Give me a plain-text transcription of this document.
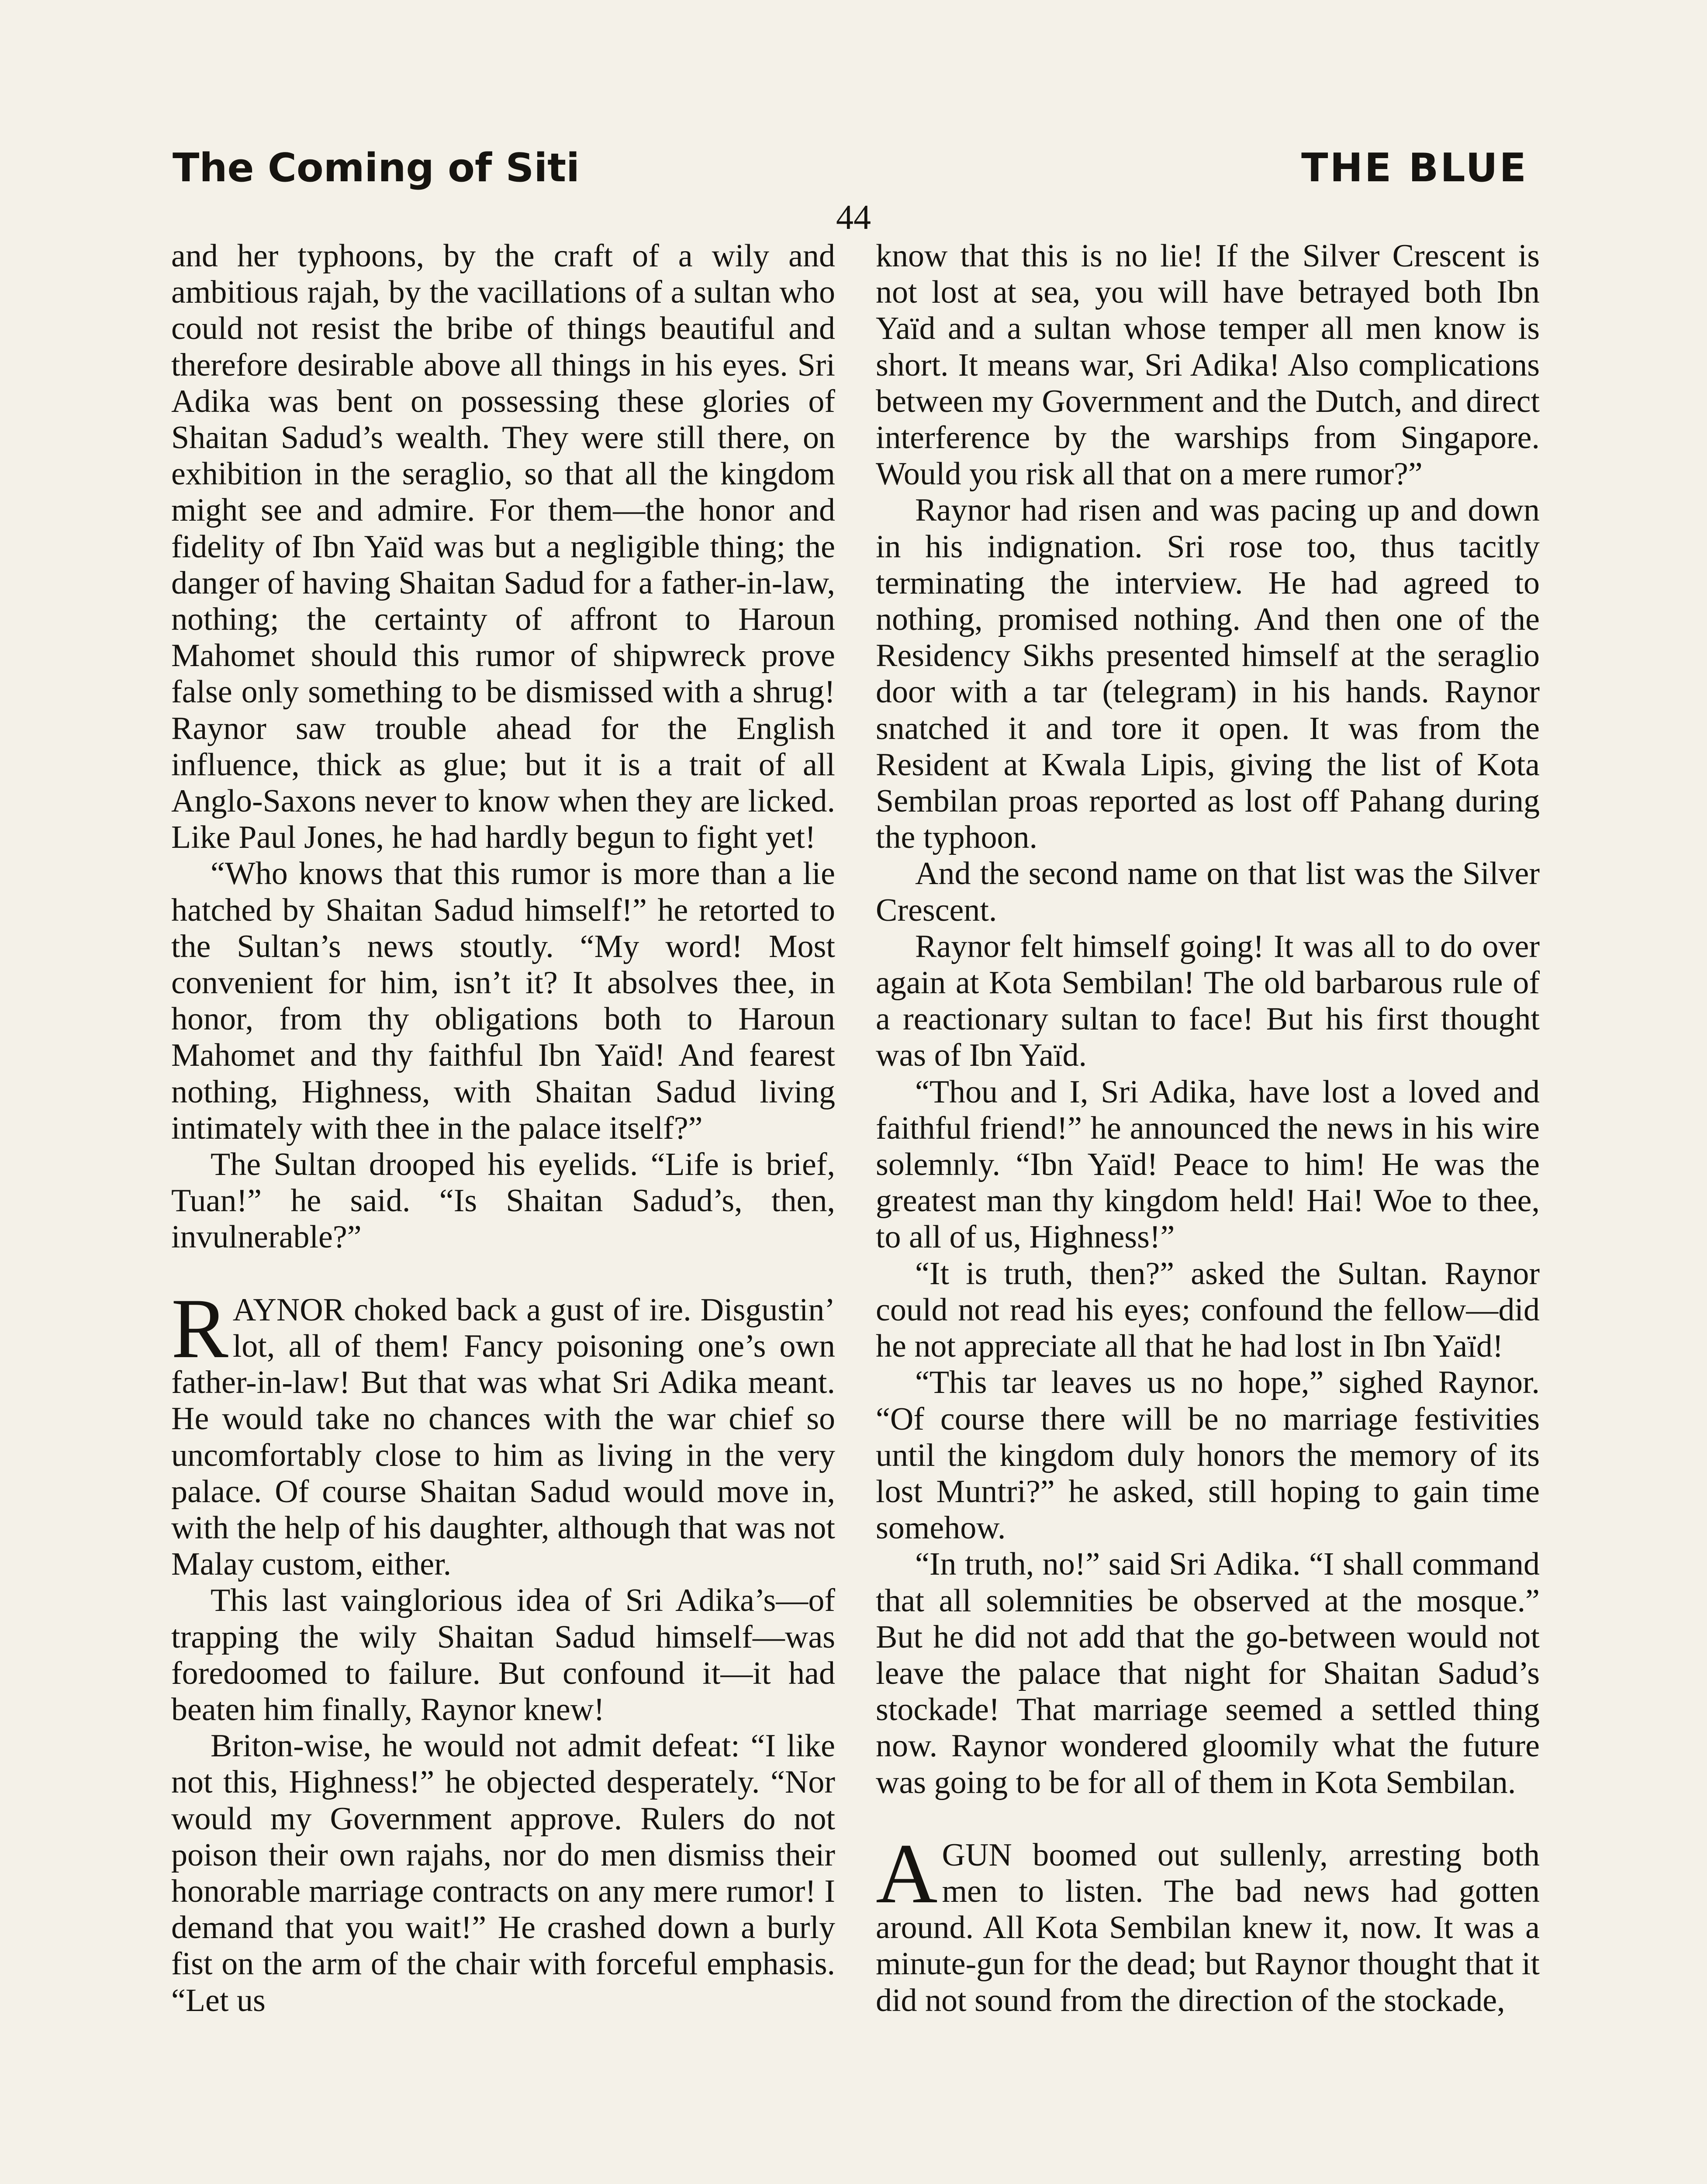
The Coming of Siti	THE BLUE
44

and her typhoons, by the craft of a wily and ambitious rajah, by the vacillations of a sultan who could not resist the bribe of things beautiful and therefore desirable above all things in his eyes. Sri Adika was bent on possessing these glories of Shaitan Sadud’s wealth. They were still there, on exhibition in the seraglio, so that all the kingdom might see and admire. For them—the honor and fidelity of Ibn Yaïd was but a negligible thing; the danger of having Shaitan Sadud for a father-in-law, nothing; the certainty of affront to Haroun Mahomet should this rumor of shipwreck prove false only something to be dismissed with a shrug! Raynor saw trouble ahead for the English influence, thick as glue; but it is a trait of all Anglo-Saxons never to know when they are licked. Like Paul Jones, he had hardly begun to fight yet!

“Who knows that this rumor is more than a lie hatched by Shaitan Sadud himself!” he retorted to the Sultan’s news stoutly. “My word! Most convenient for him, isn’t it? It absolves thee, in honor, from thy obligations both to Haroun Mahomet and thy faithful Ibn Yaïd! And fearest nothing, Highness, with Shaitan Sadud living intimately with thee in the palace itself?”

The Sultan drooped his eyelids. “Life is brief, Tuan!” he said. “Is Shaitan Sadud’s, then, invulnerable?”

RAYNOR choked back a gust of ire. Disgustin’ lot, all of them! Fancy poisoning one’s own father-in-law! But that was what Sri Adika meant. He would take no chances with the war chief so uncomfortably close to him as living in the very palace. Of course Shaitan Sadud would move in, with the help of his daughter, although that was not Malay custom, either.

This last vainglorious idea of Sri Adika’s—of trapping the wily Shaitan Sadud himself—was foredoomed to failure. But confound it—it had beaten him finally, Raynor knew!

Briton-wise, he would not admit defeat: “I like not this, Highness!” he objected desperately. “Nor would my Government approve. Rulers do not poison their own rajahs, nor do men dismiss their honorable marriage contracts on any mere rumor! I demand that you wait!” He crashed down a burly fist on the arm of the chair with forceful emphasis. “Let us

know that this is no lie! If the Silver Crescent is not lost at sea, you will have betrayed both Ibn Yaïd and a sultan whose temper all men know is short. It means war, Sri Adika! Also complications between my Government and the Dutch, and direct interference by the warships from Singapore. Would you risk all that on a mere rumor?”

Raynor had risen and was pacing up and down in his indignation. Sri rose too, thus tacitly terminating the interview. He had agreed to nothing, promised nothing. And then one of the Residency Sikhs presented himself at the seraglio door with a tar (telegram) in his hands. Raynor snatched it and tore it open. It was from the Resident at Kwala Lipis, giving the list of Kota Sembilan proas reported as lost off Pahang during the typhoon.

And the second name on that list was the Silver Crescent.

Raynor felt himself going! It was all to do over again at Kota Sembilan! The old barbarous rule of a reactionary sultan to face! But his first thought was of Ibn Yaïd.

“Thou and I, Sri Adika, have lost a loved and faithful friend!” he announced the news in his wire solemnly. “Ibn Yaïd! Peace to him! He was the greatest man thy kingdom held! Hai! Woe to thee, to all of us, Highness!”

“It is truth, then?” asked the Sultan. Raynor could not read his eyes; confound the fellow—did he not appreciate all that he had lost in Ibn Yaïd!

“This tar leaves us no hope,” sighed Raynor. “Of course there will be no marriage festivities until the kingdom duly honors the memory of its lost Muntri?” he asked, still hoping to gain time somehow.

“In truth, no!” said Sri Adika. “I shall command that all solemnities be observed at the mosque.” But he did not add that the go-between would not leave the palace that night for Shaitan Sadud’s stockade! That marriage seemed a settled thing now. Raynor wondered gloomily what the future was going to be for all of them in Kota Sembilan.

AGUN boomed out sullenly, arresting both men to listen. The bad news had gotten around. All Kota Sembilan knew it, now. It was a minute-gun for the dead; but Raynor thought that it did not sound from the direction of the stockade,
